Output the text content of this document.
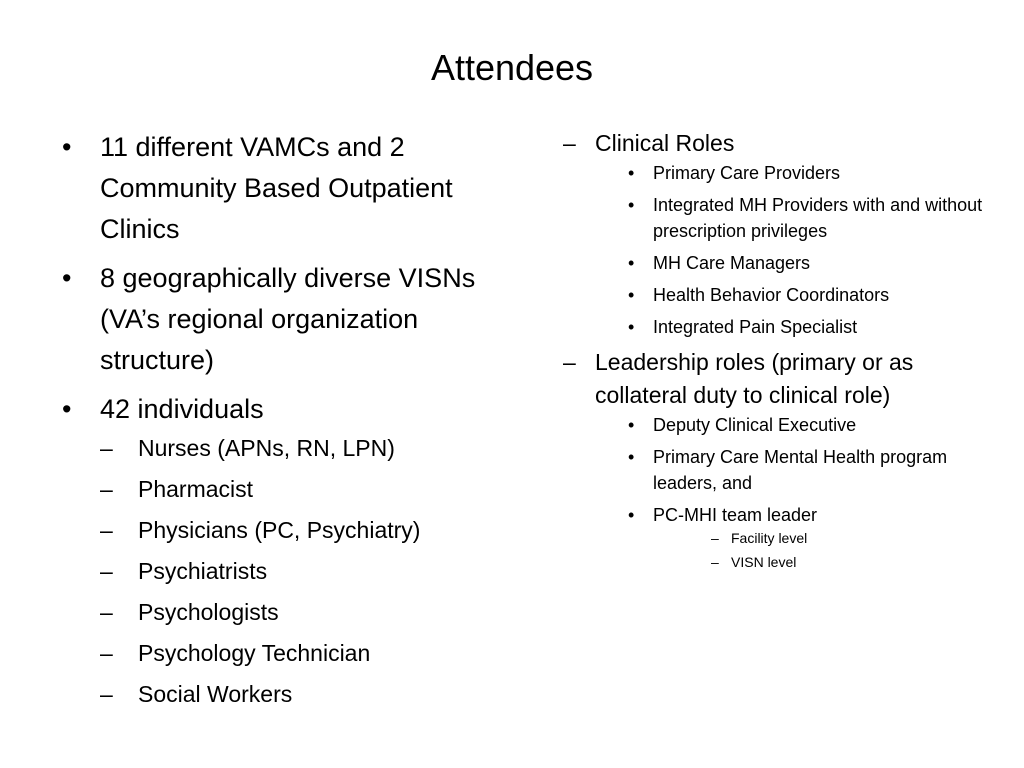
Attendees
• 11 different VAMCs and 2 Community Based Outpatient Clinics
• 8 geographically diverse VISNs (VA’s regional organization structure)
• 42 individuals
– Nurses (APNs, RN, LPN)
– Pharmacist
– Physicians (PC, Psychiatry)
– Psychiatrists
– Psychologists
– Psychology Technician
– Social Workers
– Clinical Roles
• Primary Care Providers
• Integrated MH Providers with and without prescription privileges
• MH Care Managers
• Health Behavior Coordinators
• Integrated Pain Specialist
– Leadership roles (primary or as collateral duty to clinical role)
• Deputy Clinical Executive
• Primary Care Mental Health program leaders, and
• PC-MHI team leader
– Facility level
– VISN level
